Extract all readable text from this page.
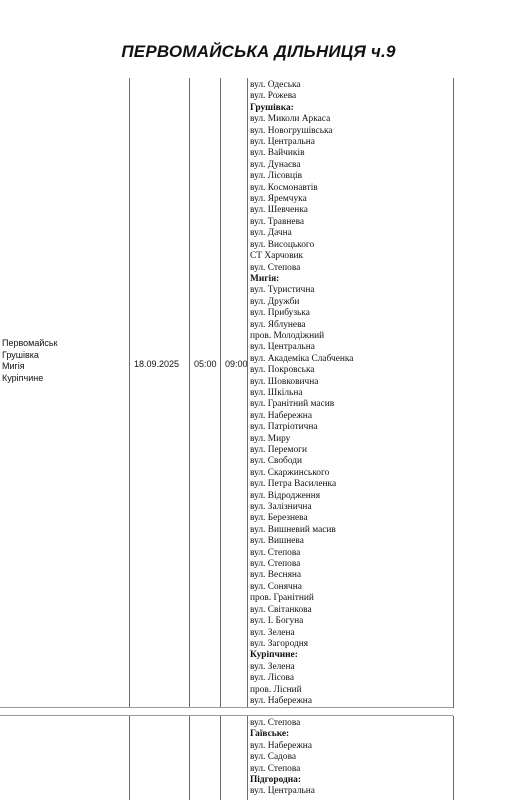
ПЕРВОМАЙСЬКА ДІЛЬНИЦЯ ч.9
Первомайськ
Грушівка
Мигія
Куріпчине
18.09.2025 05:00 09:00
вул. Одеська
вул. Рожева
Грушівка:
вул. Миколи Аркаса
вул. Новогрушівська
вул. Центральна
вул. Вайчиків
вул. Дунаєва
вул. Лісовців
вул. Космонавтів
вул. Яремчука
вул. Шевченка
вул. Травнева
вул. Дачна
вул. Висоцького
СТ Харчовик
вул. Степова
Мигія:
вул. Туристична
вул. Дружби
вул. Прибузька
вул. Яблунева
пров. Молодіжний
вул. Центральна
вул. Академіка Слабченка
вул. Покровська
вул. Шовковична
вул. Шкільна
вул. Гранітний масив
вул. Набережна
вул. Патріотична
вул. Миру
вул. Перемоги
вул. Свободи
вул. Скаржинського
вул. Петра Василенка
вул. Відродження
вул. Залізнична
вул. Березнева
вул. Вишневий масив
вул. Вишнева
вул. Степова
вул. Степова
вул. Весняна
вул. Сонячна
пров. Гранітний
вул. Світанкова
вул. І. Богуна
вул. Зелена
вул. Загородня
Куріпчине:
вул. Зелена
вул. Лісова
пров. Лісний
вул. Набережна
вул. Степова
Гаївське:
вул. Набережна
вул. Садова
вул. Степова
Підгородна:
вул. Центральна
